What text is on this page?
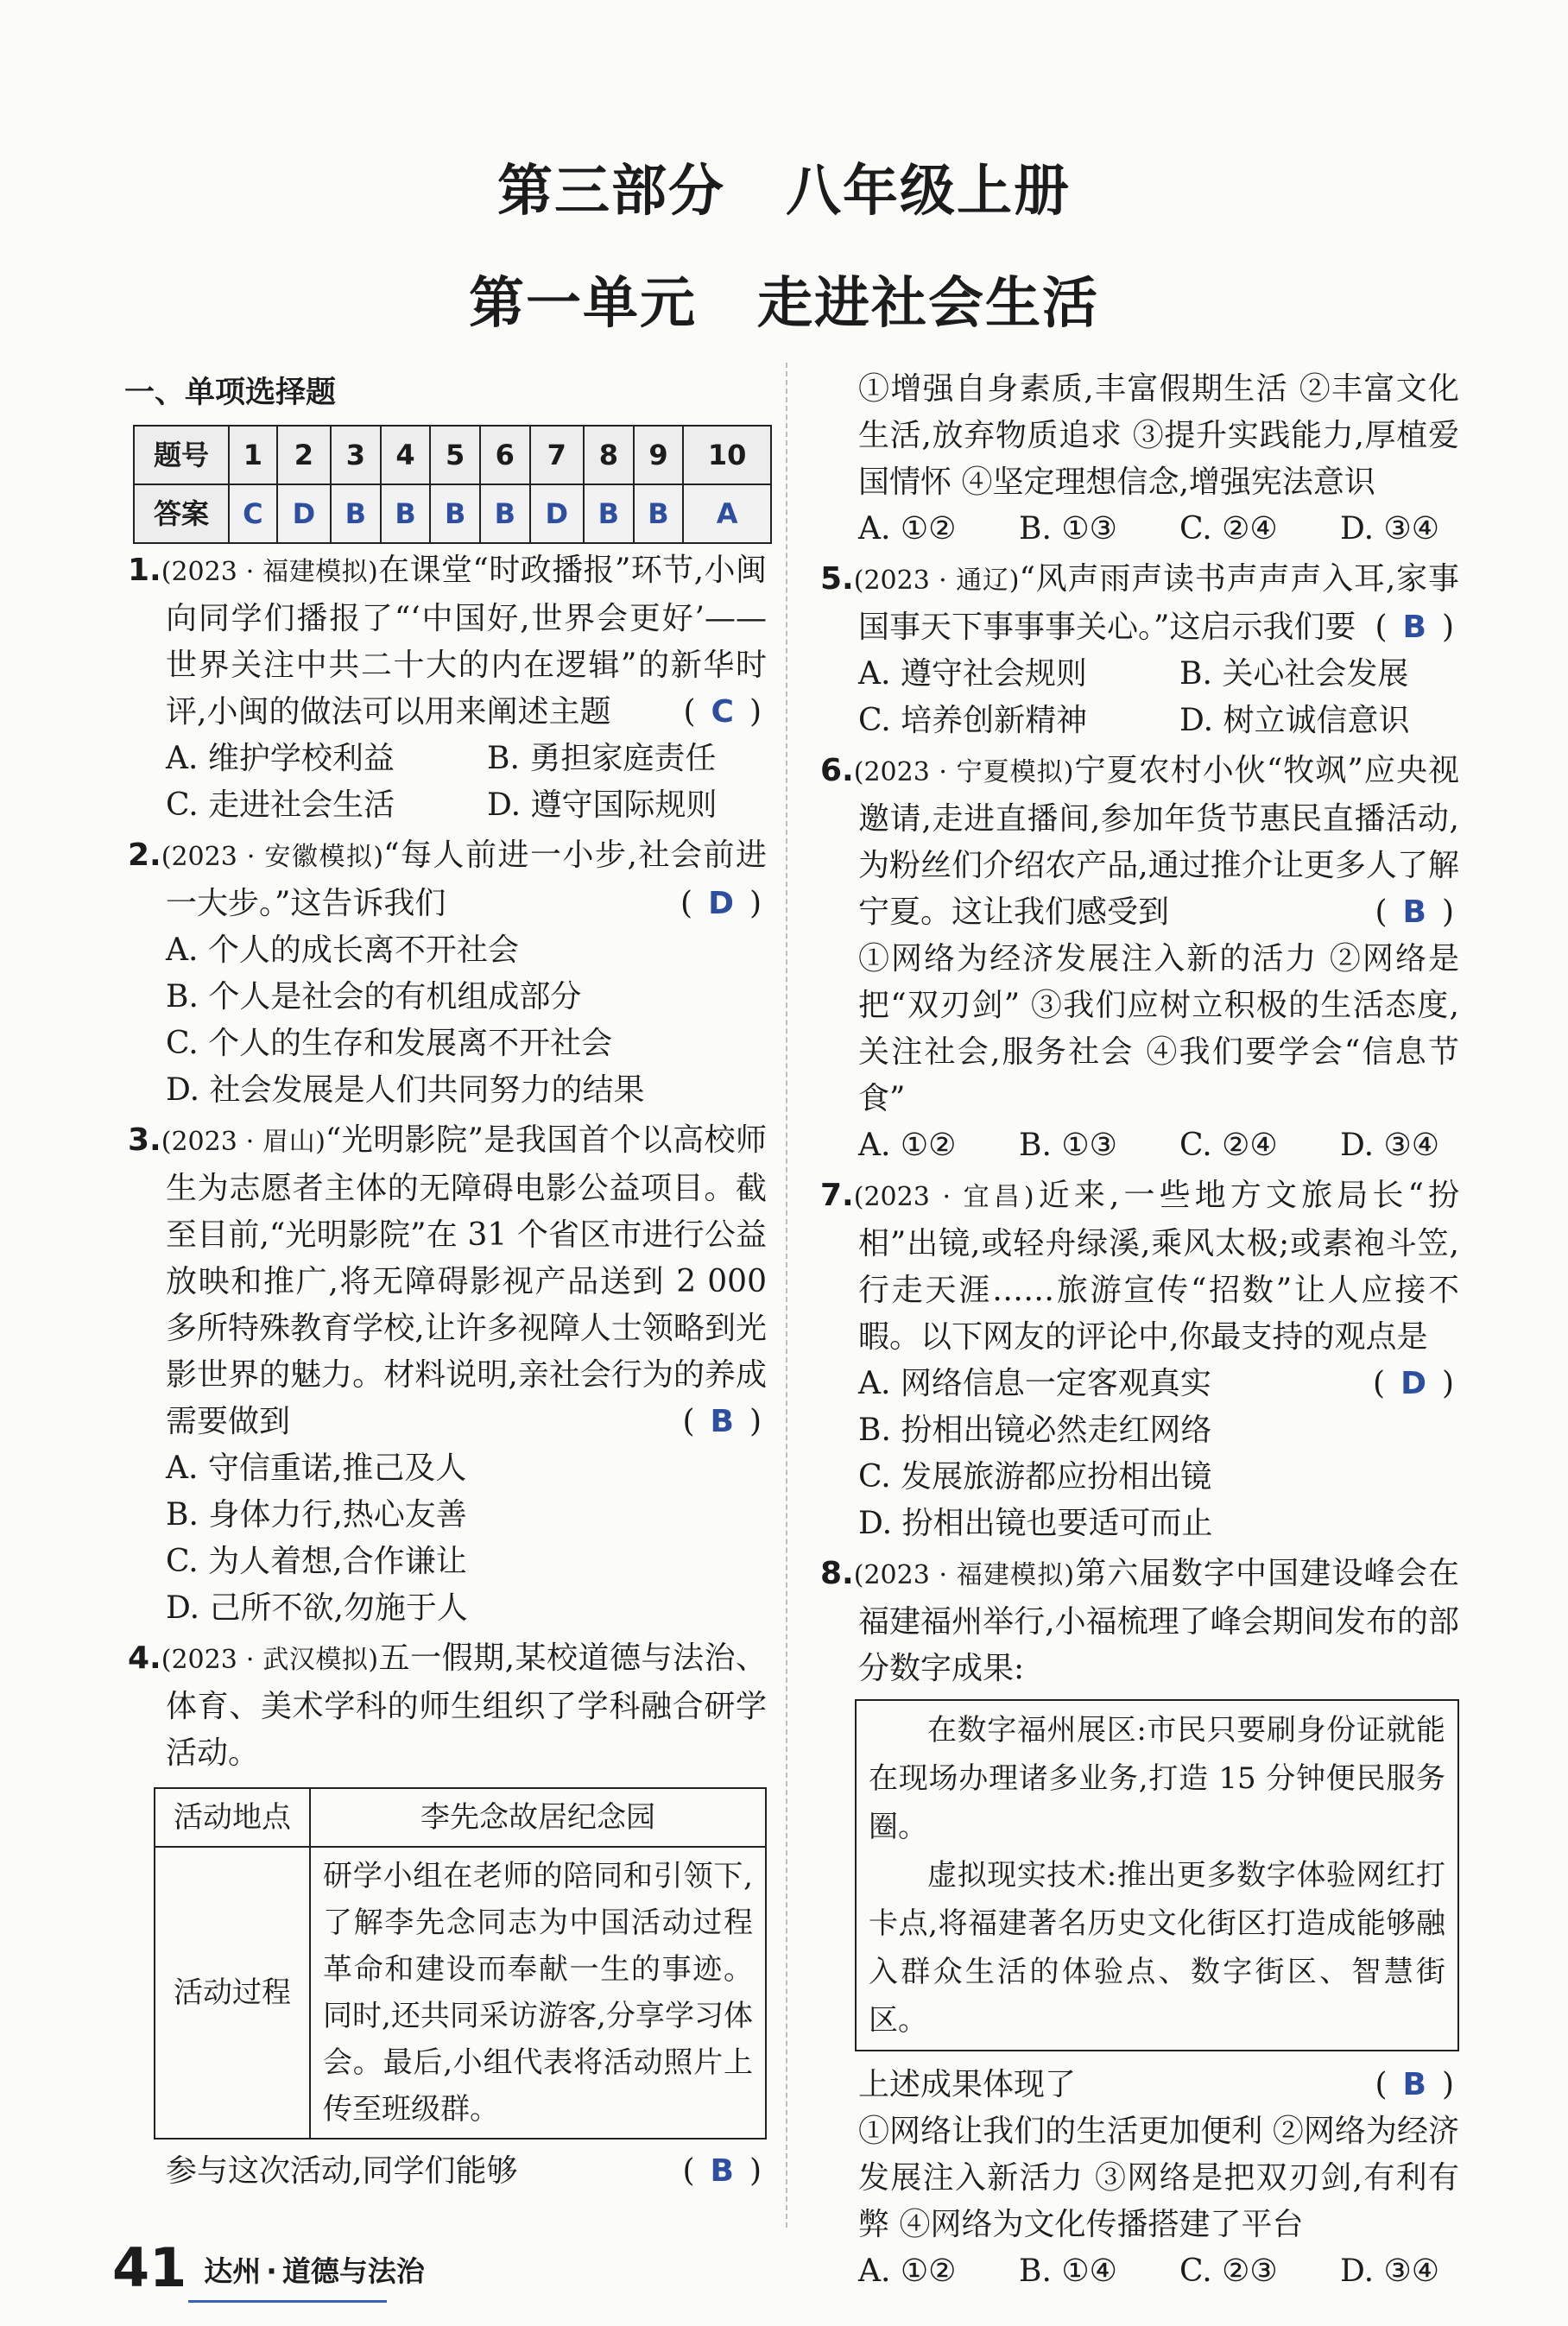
第三部分 八年级上册
第一单元 走进社会生活
一、单项选择题
题号	1	2	3	4	5	6	7	8	9	10
答案	C	D	B	B	B	B	D	B	B	A
1.(2023 · 福建模拟)在课堂“时政播报”环节,小闽向同学们播报了“‘中国好,世界会更好’——世界关注中共二十大的内在逻辑”的新华时评,小闽的做法可以用来阐述主题 ( C )
A. 维护学校利益	B. 勇担家庭责任
C. 走进社会生活	D. 遵守国际规则
2.(2023 · 安徽模拟)“每人前进一小步,社会前进一大步。”这告诉我们	( D )
A. 个人的成长离不开社会
B. 个人是社会的有机组成部分
C. 个人的生存和发展离不开社会
D. 社会发展是人们共同努力的结果
3.(2023 · 眉山)“光明影院”是我国首个以高校师生为志愿者主体的无障碍电影公益项目。截至目前,“光明影院”在 31 个省区市进行公益放映和推广,将无障碍影视产品送到 2 000 多所特殊教育学校,让许多视障人士领略到光影世界的魅力。材料说明,亲社会行为的养成需要做到	( B )
A. 守信重诺,推己及人
B. 身体力行,热心友善
C. 为人着想,合作谦让
D. 己所不欲,勿施于人
4.(2023 · 武汉模拟)五一假期,某校道德与法治、体育、美术学科的师生组织了学科融合研学活动。
活动地点	李先念故居纪念园
活动过程	研学小组在老师的陪同和引领下,了解李先念同志为中国活动过程革命和建设而奉献一生的事迹。同时,还共同采访游客,分享学习体会。最后,小组代表将活动照片上传至班级群。
参与这次活动,同学们能够	( B )
①增强自身素质,丰富假期生活 ②丰富文化生活,放弃物质追求 ③提升实践能力,厚植爱国情怀 ④坚定理想信念,增强宪法意识
A. ①②	B. ①③	C. ②④	D. ③④
5.(2023 · 通辽)“风声雨声读书声声声入耳,家事国事天下事事事关心。”这启示我们要 ( B )
A. 遵守社会规则	B. 关心社会发展
C. 培养创新精神	D. 树立诚信意识
6.(2023 · 宁夏模拟)宁夏农村小伙“牧飒”应央视邀请,走进直播间,参加年货节惠民直播活动,为粉丝们介绍农产品,通过推介让更多人了解宁夏。这让我们感受到	( B )
①网络为经济发展注入新的活力 ②网络是把“双刃剑” ③我们应树立积极的生活态度,关注社会,服务社会 ④我们要学会“信息节食”
A. ①②	B. ①③	C. ②④	D. ③④
7.(2023 · 宜昌)近来,一些地方文旅局长“扮相”出镜,或轻舟绿溪,乘风太极;或素袍斗笠,行走天涯……旅游宣传“招数”让人应接不暇。以下网友的评论中,你最支持的观点是
( D )
A. 网络信息一定客观真实
B. 扮相出镜必然走红网络
C. 发展旅游都应扮相出镜
D. 扮相出镜也要适可而止
8.(2023 · 福建模拟)第六届数字中国建设峰会在福建福州举行,小福梳理了峰会期间发布的部分数字成果:

在数字福州展区:市民只要刷身份证就能在现场办理诸多业务,打造 15 分钟便民服务圈。

虚拟现实技术:推出更多数字体验网红打卡点,将福建著名历史文化街区打造成能够融入群众生活的体验点、数字街区、智慧街区。

上述成果体现了	( B )
①网络让我们的生活更加便利 ②网络为经济发展注入新活力 ③网络是把双刃剑,有利有弊 ④网络为文化传播搭建了平台
A. ①②	B. ①④	C. ②③	D. ③④
41 达州 · 道德与法治
